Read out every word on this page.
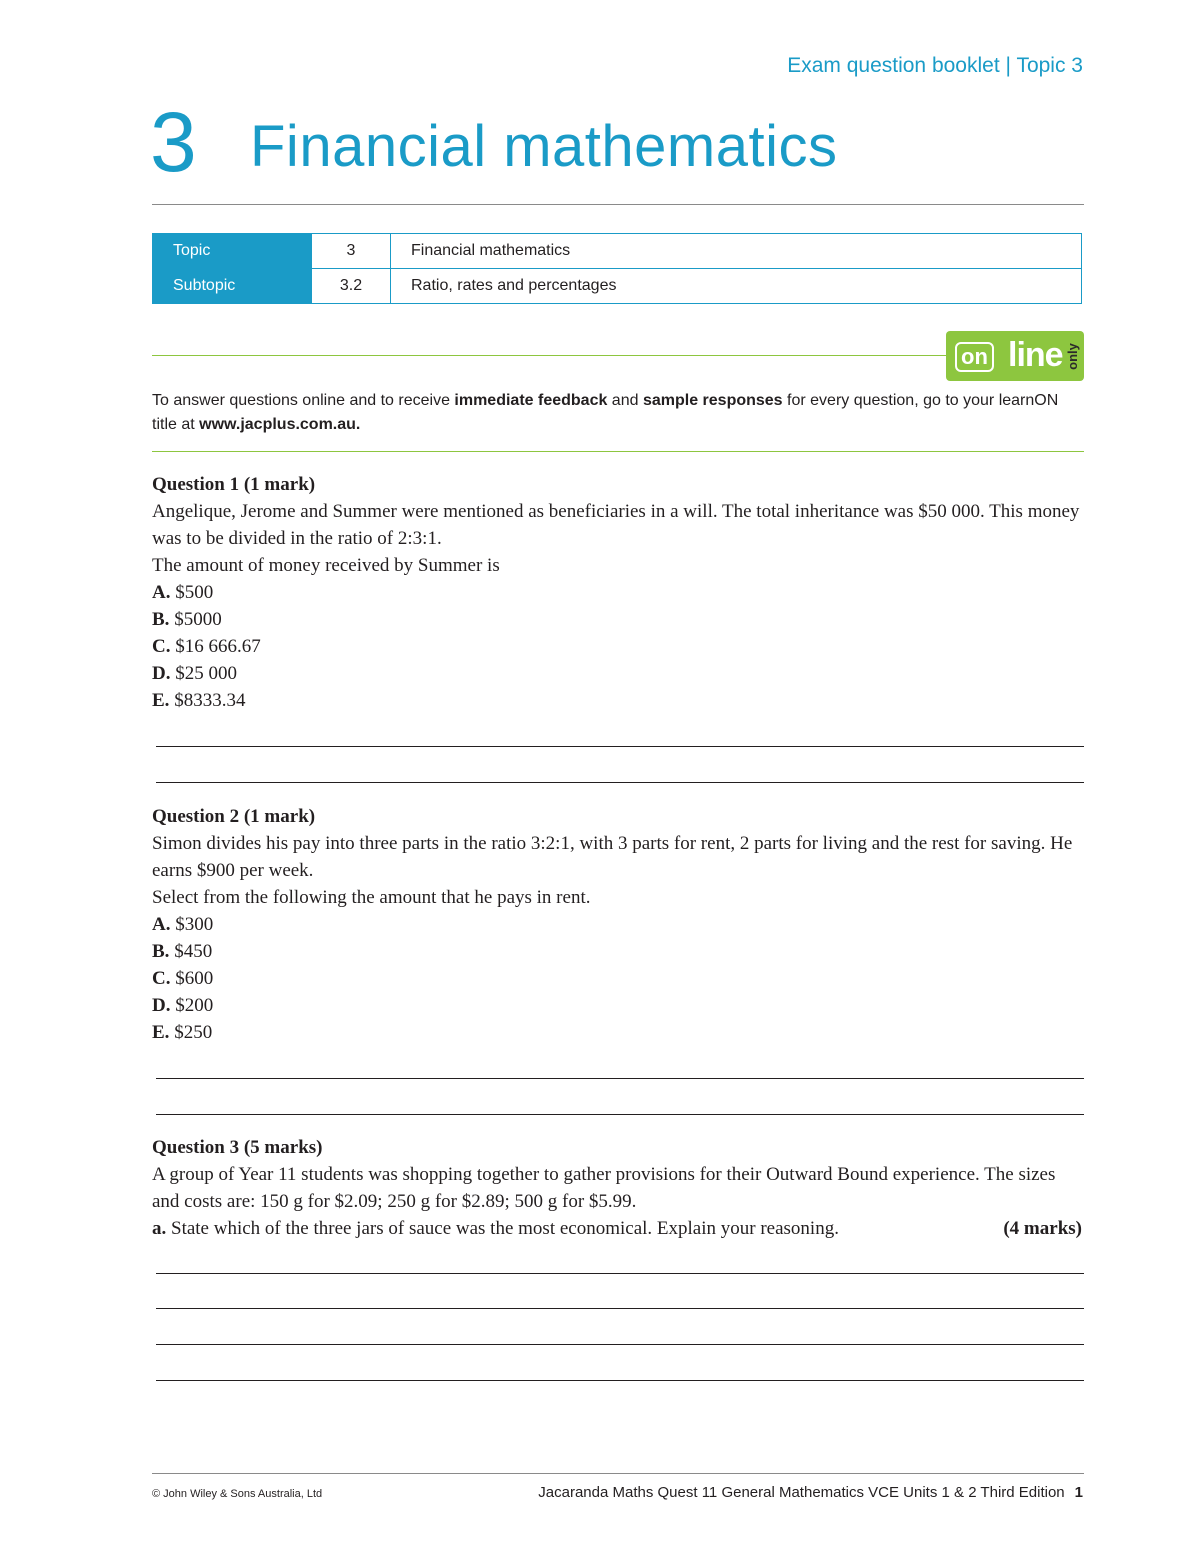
Exam question booklet | Topic 3
3 Financial mathematics
Topic	3	Financial mathematics
Subtopic	3.2	Ratio, rates and percentages
on line only
To answer questions online and to receive immediate feedback and sample responses for every question, go to your learnON title at www.jacplus.com.au.
Question 1 (1 mark)
Angelique, Jerome and Summer were mentioned as beneficiaries in a will. The total inheritance was $50 000. This money was to be divided in the ratio of 2:3:1.
The amount of money received by Summer is
A. $500
B. $5000
C. $16 666.67
D. $25 000
E. $8333.34
Question 2 (1 mark)
Simon divides his pay into three parts in the ratio 3:2:1, with 3 parts for rent, 2 parts for living and the rest for saving. He earns $900 per week.
Select from the following the amount that he pays in rent.
A. $300
B. $450
C. $600
D. $200
E. $250
Question 3 (5 marks)
A group of Year 11 students was shopping together to gather provisions for their Outward Bound experience. The sizes and costs are: 150 g for $2.09; 250 g for $2.89; 500 g for $5.99.
a. State which of the three jars of sauce was the most economical. Explain your reasoning.	(4 marks)
© John Wiley & Sons Australia, Ltd	Jacaranda Maths Quest 11 General Mathematics VCE Units 1 & 2 Third Edition 1
